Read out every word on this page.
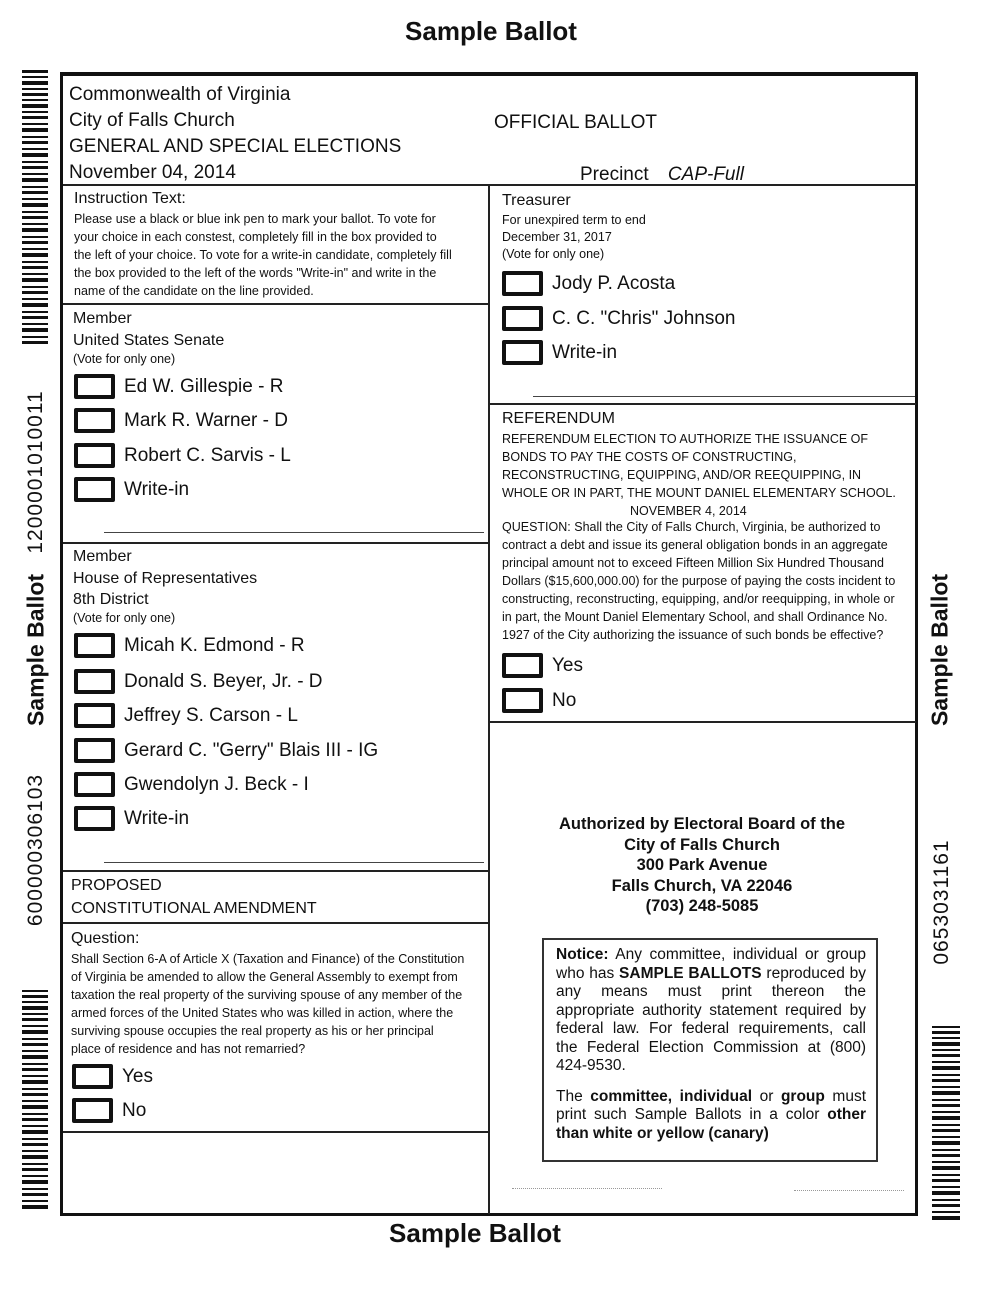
Sample Ballot
Sample Ballot
1200001010011
Sample Ballot
600000306103
Sample Ballot
0653031161
Commonwealth of Virginia
City of Falls Church
GENERAL AND SPECIAL ELECTIONS
November 04, 2014
OFFICIAL BALLOT
Precinct CAP-Full
Instruction Text:
Please use a black or blue ink pen to mark your ballot. To vote for
your choice in each constest, completely fill in the box provided to
the left of your choice. To vote for a write-in candidate, completely fill
the box provided to the left of the words "Write-in" and write in the
name of the candidate on the line provided.
Member
United States Senate
(Vote for only one)
Ed W. Gillespie - R
Mark R. Warner - D
Robert C. Sarvis - L
Write-in
Member
House of Representatives
8th District
(Vote for only one)
Micah K. Edmond - R
Donald S. Beyer, Jr. - D
Jeffrey S. Carson - L
Gerard C. "Gerry" Blais III - IG
Gwendolyn J. Beck - I
Write-in
PROPOSED
CONSTITUTIONAL AMENDMENT
Question:
Shall Section 6-A of Article X (Taxation and Finance) of the Constitution
of Virginia be amended to allow the General Assembly to exempt from
taxation the real property of the surviving spouse of any member of the
armed forces of the United States who was killed in action, where the
surviving spouse occupies the real property as his or her principal
place of residence and has not remarried?
Yes
No
Treasurer
For unexpired term to end
December 31, 2017
(Vote for only one)
Jody P. Acosta
C. C. "Chris" Johnson
Write-in
REFERENDUM
REFERENDUM ELECTION TO AUTHORIZE THE ISSUANCE OF
BONDS TO PAY THE COSTS OF CONSTRUCTING,
RECONSTRUCTING, EQUIPPING, AND/OR REEQUIPPING, IN
WHOLE OR IN PART, THE MOUNT DANIEL ELEMENTARY SCHOOL.
NOVEMBER 4, 2014
QUESTION: Shall the City of Falls Church, Virginia, be authorized to
contract a debt and issue its general obligation bonds in an aggregate
principal amount not to exceed Fifteen Million Six Hundred Thousand
Dollars ($15,600,000.00) for the purpose of paying the costs incident to
constructing, reconstructing, equipping, and/or reequipping, in whole or
in part, the Mount Daniel Elementary School, and shall Ordinance No.
1927 of the City authorizing the issuance of such bonds be effective?
Yes
No
Authorized by Electoral Board of the
City of Falls Church
300 Park Avenue
Falls Church, VA 22046
(703) 248-5085

Notice: Any committee, individual or group who has SAMPLE BALLOTS reproduced by any means must print thereon the appropriate authority statement required by federal law. For federal requirements, call the Federal Election Commission at (800) 424-9530.

The committee, individual or group must print such Sample Ballots in a color other than white or yellow (canary)
